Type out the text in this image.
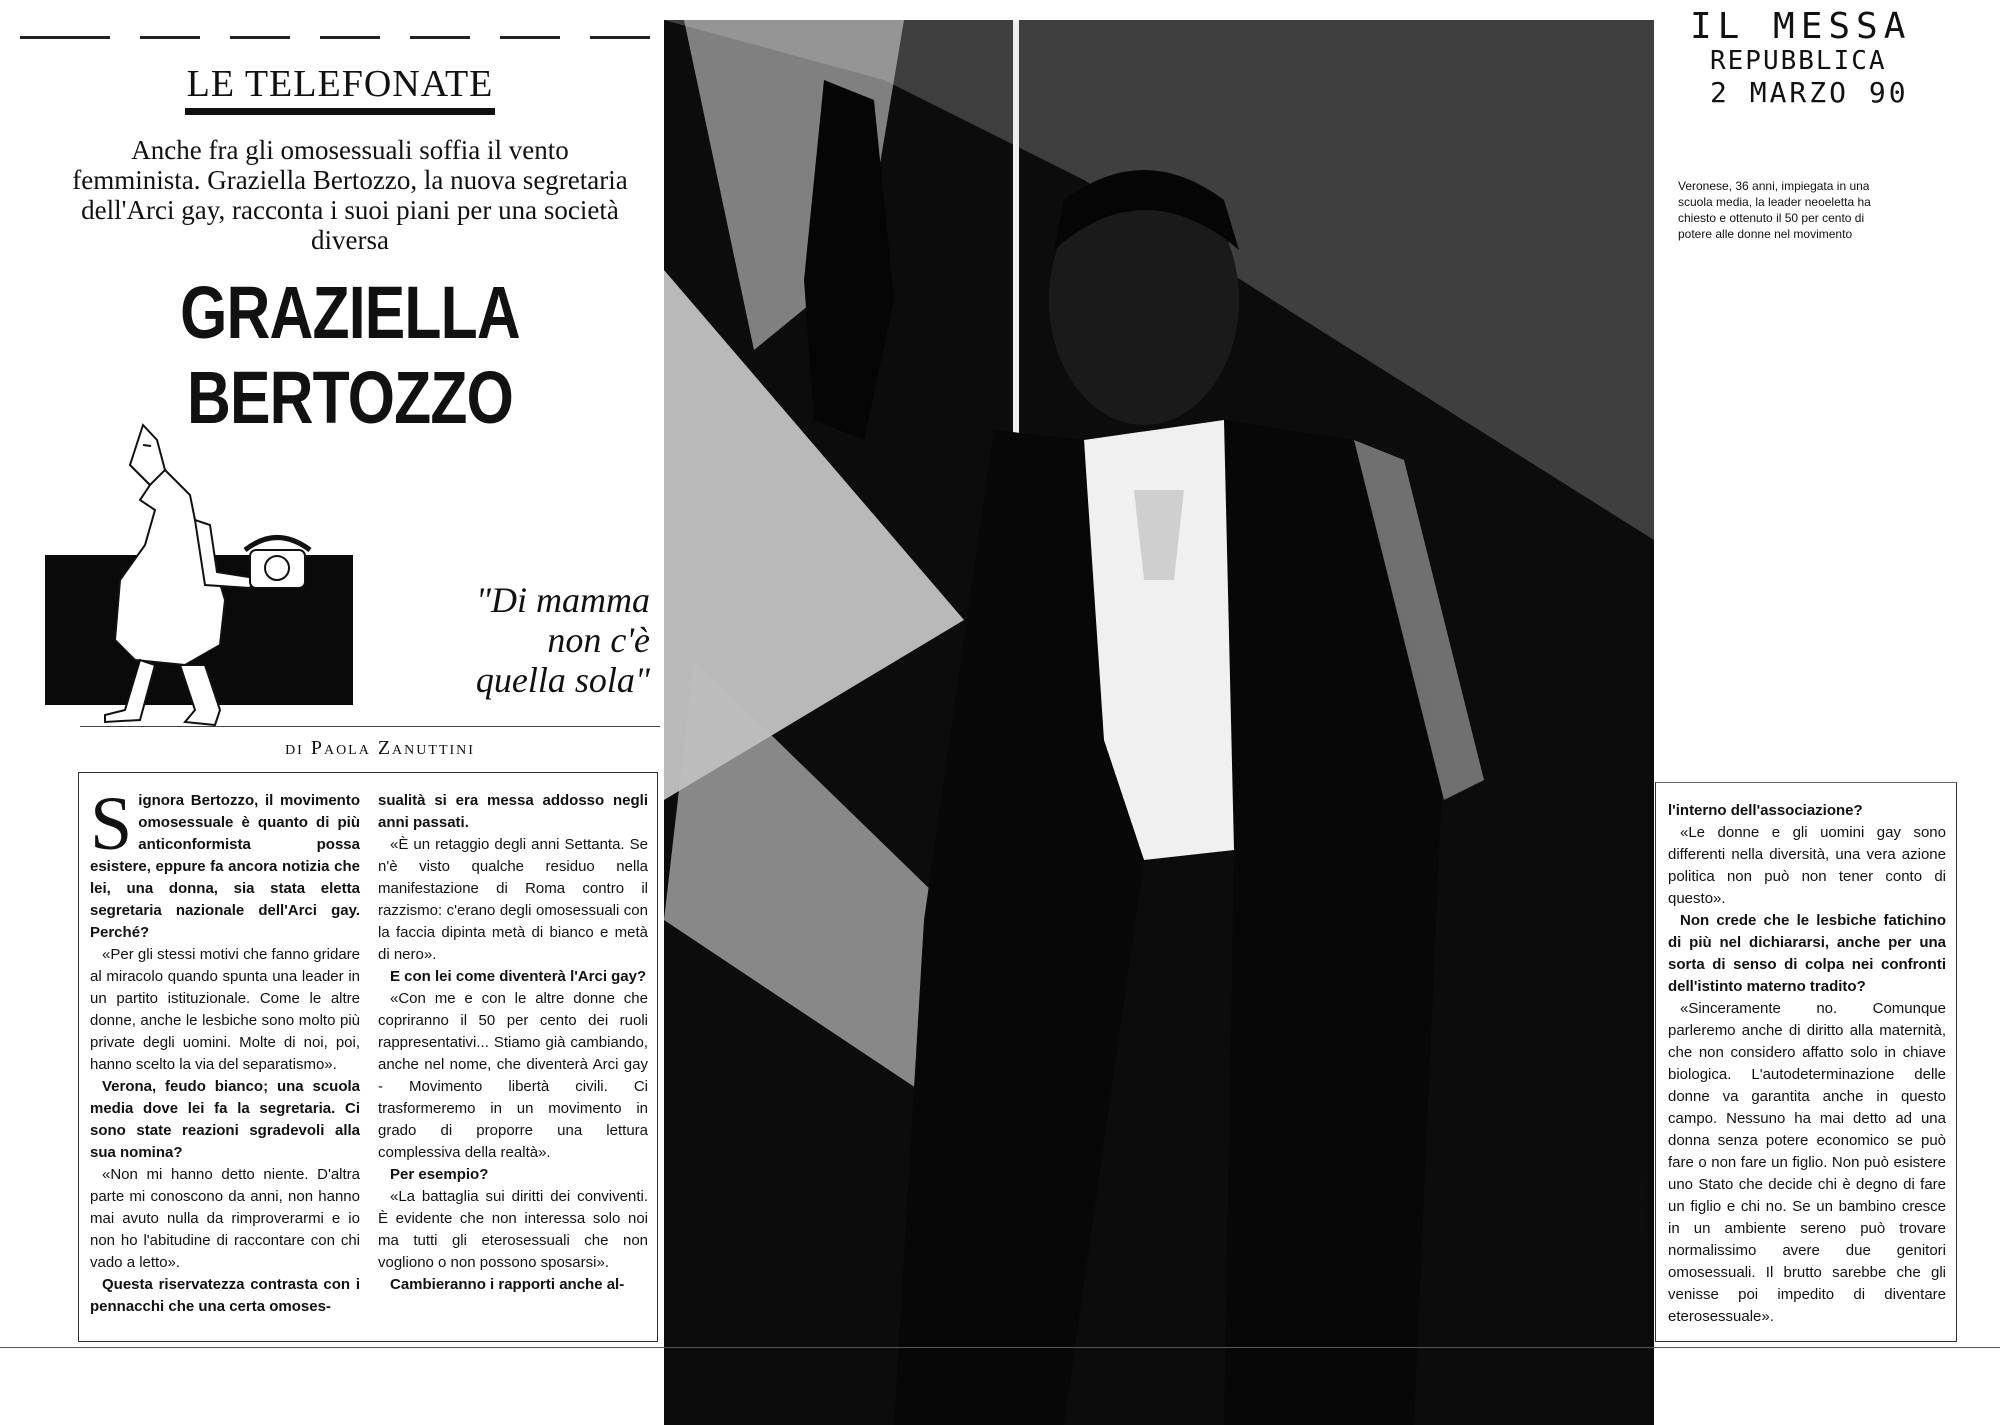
IL MESSA
REPUBBLICA
2 MARZO 90
LE TELEFONATE
Anche fra gli omosessuali soffia il vento femminista. Graziella Bertozzo, la nuova segretaria dell'Arci gay, racconta i suoi piani per una società diversa
GRAZIELLA BERTOZZO
"Di mamma non c'è quella sola"
di Paola Zanuttini
S ignora Bertozzo, il movimento omosessuale è quanto di più anticonformista possa esistere, eppure fa ancora notizia che lei, una donna, sia stata eletta segretaria nazionale dell'Arci gay. Perché?

«Per gli stessi motivi che fanno gridare al miracolo quando spunta una leader in un partito istituzionale. Come le altre donne, anche le lesbiche sono molto più private degli uomini. Molte di noi, poi, hanno scelto la via del separatismo».

Verona, feudo bianco; una scuola media dove lei fa la segretaria. Ci sono state reazioni sgradevoli alla sua nomina?

«Non mi hanno detto niente. D'altra parte mi conoscono da anni, non hanno mai avuto nulla da rimproverarmi e io non ho l'abitudine di raccontare con chi vado a letto».

Questa riservatezza contrasta con i pennacchi che una certa omoses-

sualità si era messa addosso negli anni passati.

«È un retaggio degli anni Settanta. Se n'è visto qualche residuo nella manifestazione di Roma contro il razzismo: c'erano degli omosessuali con la faccia dipinta metà di bianco e metà di nero».

E con lei come diventerà l'Arci gay?

«Con me e con le altre donne che copriranno il 50 per cento dei ruoli rappresentativi... Stiamo già cambiando, anche nel nome, che diventerà Arci gay - Movimento libertà civili. Ci trasformeremo in un movimento in grado di proporre una lettura complessiva della realtà».

Per esempio?

«La battaglia sui diritti dei conviventi. È evidente che non interessa solo noi ma tutti gli eterosessuali che non vogliono o non possono sposarsi».

Cambieranno i rapporti anche al-

Veronese, 36 anni, impiegata in una scuola media, la leader neoeletta ha chiesto e ottenuto il 50 per cento di potere alle donne nel movimento

l'interno dell'associazione?

«Le donne e gli uomini gay sono differenti nella diversità, una vera azione politica non può non tener conto di questo».

Non crede che le lesbiche fatichino di più nel dichiararsi, anche per una sorta di senso di colpa nei confronti dell'istinto materno tradito?

«Sinceramente no. Comunque parleremo anche di diritto alla maternità, che non considero affatto solo in chiave biologica. L'autodeterminazione delle donne va garantita anche in questo campo. Nessuno ha mai detto ad una donna senza potere economico se può fare o non fare un figlio. Non può esistere uno Stato che decide chi è degno di fare un figlio e chi no. Se un bambino cresce in un ambiente sereno può trovare normalissimo avere due genitori omosessuali. Il brutto sarebbe che gli venisse poi impedito di diventare eterosessuale».

Alberto Pizzoli
